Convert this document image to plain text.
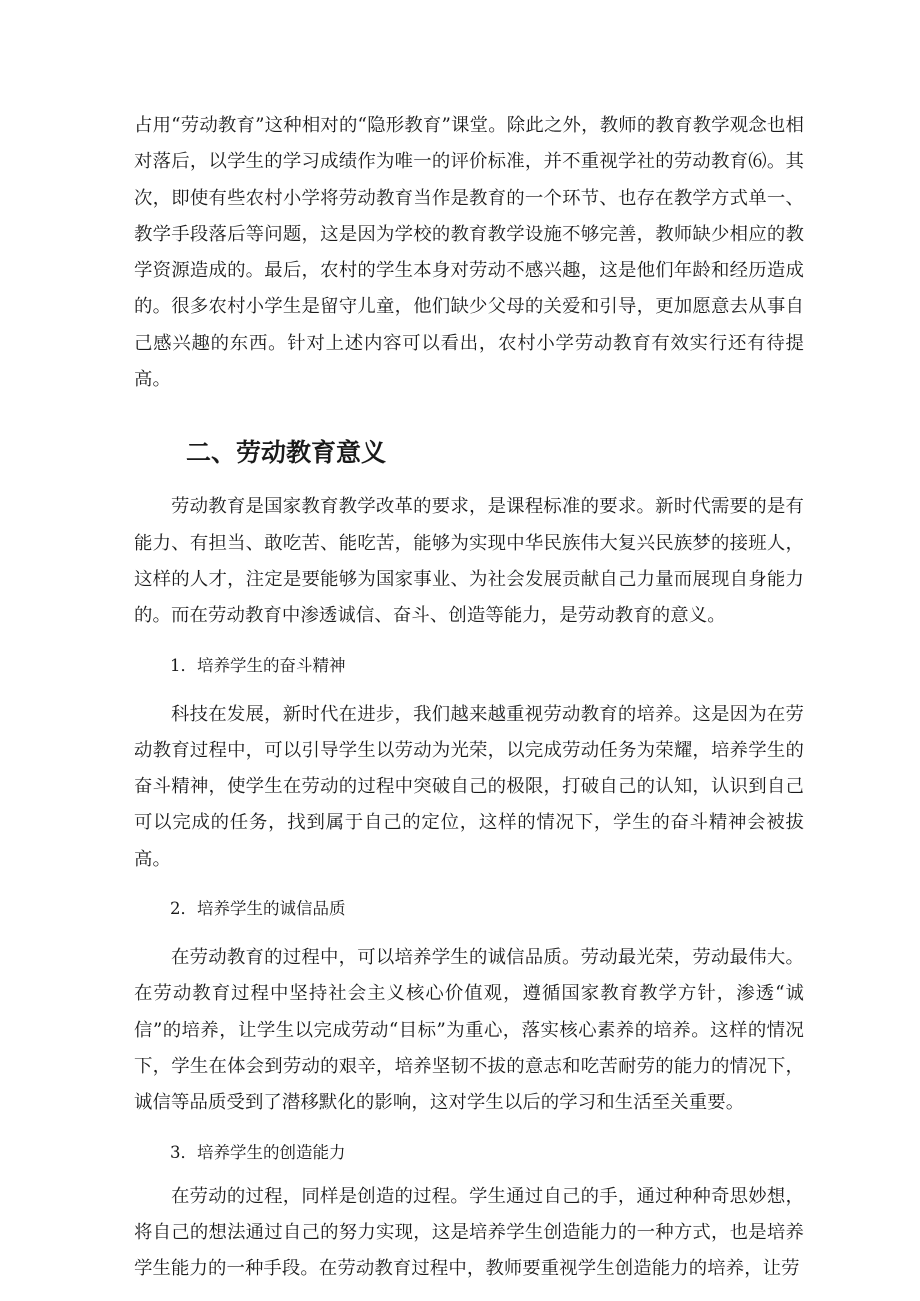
占用“劳动教育”这种相对的“隐形教育”课堂。除此之外，教师的教育教学观念也相对落后，以学生的学习成绩作为唯一的评价标准，并不重视学社的劳动教育⑹。其次，即使有些农村小学将劳动教育当作是教育的一个环节、也存在教学方式单一、教学手段落后等问题，这是因为学校的教育教学设施不够完善，教师缺少相应的教学资源造成的。最后，农村的学生本身对劳动不感兴趣，这是他们年龄和经历造成的。很多农村小学生是留守儿童，他们缺少父母的关爱和引导，更加愿意去从事自己感兴趣的东西。针对上述内容可以看出，农村小学劳动教育有效实行还有待提高。

二、劳动教育意义

劳动教育是国家教育教学改革的要求，是课程标准的要求。新时代需要的是有能力、有担当、敢吃苦、能吃苦，能够为实现中华民族伟大复兴民族梦的接班人，这样的人才，注定是要能够为国家事业、为社会发展贡献自己力量而展现自身能力的。而在劳动教育中渗透诚信、奋斗、创造等能力，是劳动教育的意义。

1．培养学生的奋斗精神

科技在发展，新时代在进步，我们越来越重视劳动教育的培养。这是因为在劳动教育过程中，可以引导学生以劳动为光荣，以完成劳动任务为荣耀，培养学生的奋斗精神，使学生在劳动的过程中突破自己的极限，打破自己的认知，认识到自己可以完成的任务，找到属于自己的定位，这样的情况下，学生的奋斗精神会被拔高。

2．培养学生的诚信品质

在劳动教育的过程中，可以培养学生的诚信品质。劳动最光荣，劳动最伟大。在劳动教育过程中坚持社会主义核心价值观，遵循国家教育教学方针，渗透“诚信”的培养，让学生以完成劳动“目标”为重心，落实核心素养的培养。这样的情况下，学生在体会到劳动的艰辛，培养坚韧不拔的意志和吃苦耐劳的能力的情况下，诚信等品质受到了潜移默化的影响，这对学生以后的学习和生活至关重要。

3．培养学生的创造能力

在劳动的过程，同样是创造的过程。学生通过自己的手，通过种种奇思妙想，将自己的想法通过自己的努力实现，这是培养学生创造能力的一种方式，也是培养学生能力的一种手段。在劳动教育过程中，教师要重视学生创造能力的培养，让劳
